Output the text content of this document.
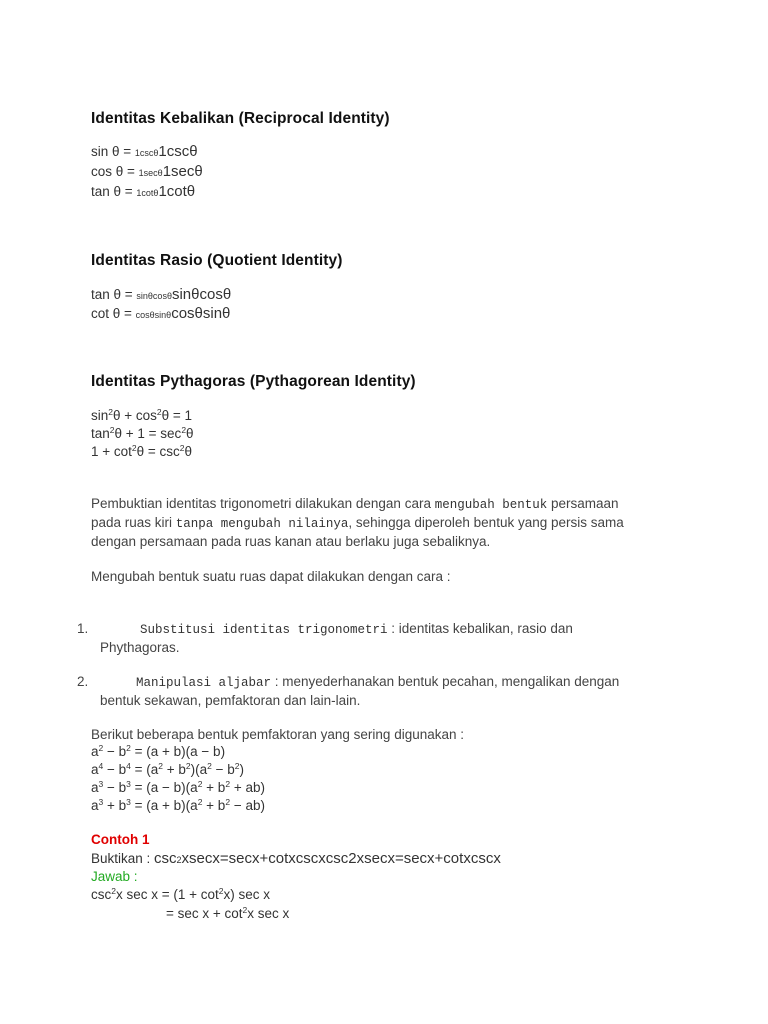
Identitas Kebalikan (Reciprocal Identity)
sin θ = 1cscθ1cscθ
cos θ = 1secθ1secθ
tan θ = 1cotθ1cotθ
Identitas Rasio (Quotient Identity)
tan θ = sinθcosθsinθcosθ
cot θ = cosθsinθcosθsinθ
Identitas Pythagoras (Pythagorean Identity)
$\sin^2\theta + \cos^2\theta = 1$
$\tan^2\theta + 1 = \sec^2\theta$
$1 + \cot^2\theta = \csc^2\theta$
Pembuktian identitas trigonometri dilakukan dengan cara mengubah bentuk persamaan
pada ruas kiri tanpa mengubah nilainya, sehingga diperoleh bentuk yang persis sama
dengan persamaan pada ruas kanan atau berlaku juga sebaliknya.
Mengubah bentuk suatu ruas dapat dilakukan dengan cara :
1.	Substitusi identitas trigonometri : identitas kebalikan, rasio dan
Phythagoras.
2.	Manipulasi aljabar : menyederhanakan bentuk pecahan, mengalikan dengan
bentuk sekawan, pemfaktoran dan lain-lain.
Berikut beberapa bentuk pemfaktoran yang sering digunakan :
$a^2 - b^2 = (a + b)(a - b)$
$a^4 - b^4 = (a^2 + b^2)(a^2 - b^2)$
$a^3 - b^3 = (a - b)(a^2 + b^2 + ab)$
$a^3 + b^3 = (a + b)(a^2 + b^2 - ab)$
Contoh 1
Buktikan : csc2xsecx=secx+cotxcscxcsc2xsecx=secx+cotxcscx
Jawab :
$\csc^2x$ $\sec x = (1 + \cot^2x)$ sec x
= $\sec x + \cot^2x$ sec x
